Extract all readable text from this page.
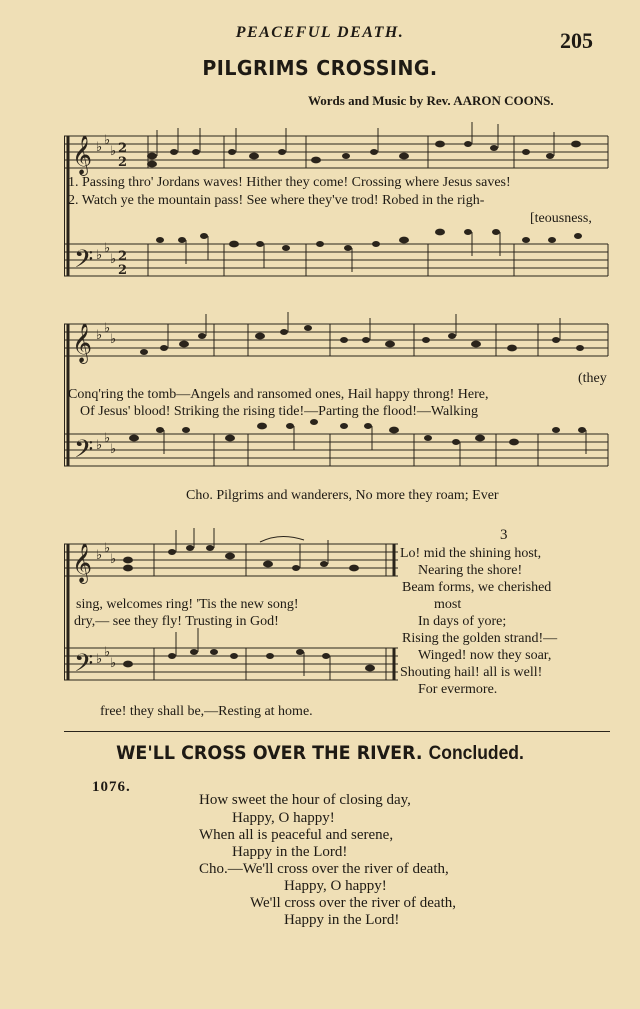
PEACEFUL DEATH.	205
PILGRIMS CROSSING.
Words and Music by Rev. AARON COONS.
𝄞
𝄢
♭ ♭
♭ 2
2
♭ ♭
♭ 2
2
1. Passing thro' Jordans waves! Hither they come! Crossing where Jesus saves!
2. Watch ye the mountain pass! See where they've trod! Robed in the righ-
[teousness,
𝄞
𝄢
♭ ♭
♭
♭ ♭
♭
(they
Conq'ring the tomb—Angels and ransomed ones, Hail happy throng! Here,
Of Jesus' blood! Striking the rising tide!—Parting the flood!—Walking
Cho. Pilgrims and wanderers, No more they roam; Ever
𝄞
𝄢
♭ ♭
♭
♭ ♭
♭
sing, welcomes ring! 'Tis the new song!
dry,— see they fly! Trusting in God!
free! they shall be,—Resting at home.
3
Lo! mid the shining host,
Nearing the shore!
Beam forms, we cherished
most
In days of yore;
Rising the golden strand!—
Winged! now they soar,
Shouting hail! all is well!
For evermore.
WE'LL CROSS OVER THE RIVER. Concluded.
1076.
How sweet the hour of closing day,
Happy, O happy!
When all is peaceful and serene,
Happy in the Lord!
Cho.—We'll cross over the river of death,
Happy, O happy!
We'll cross over the river of death,
Happy in the Lord!
